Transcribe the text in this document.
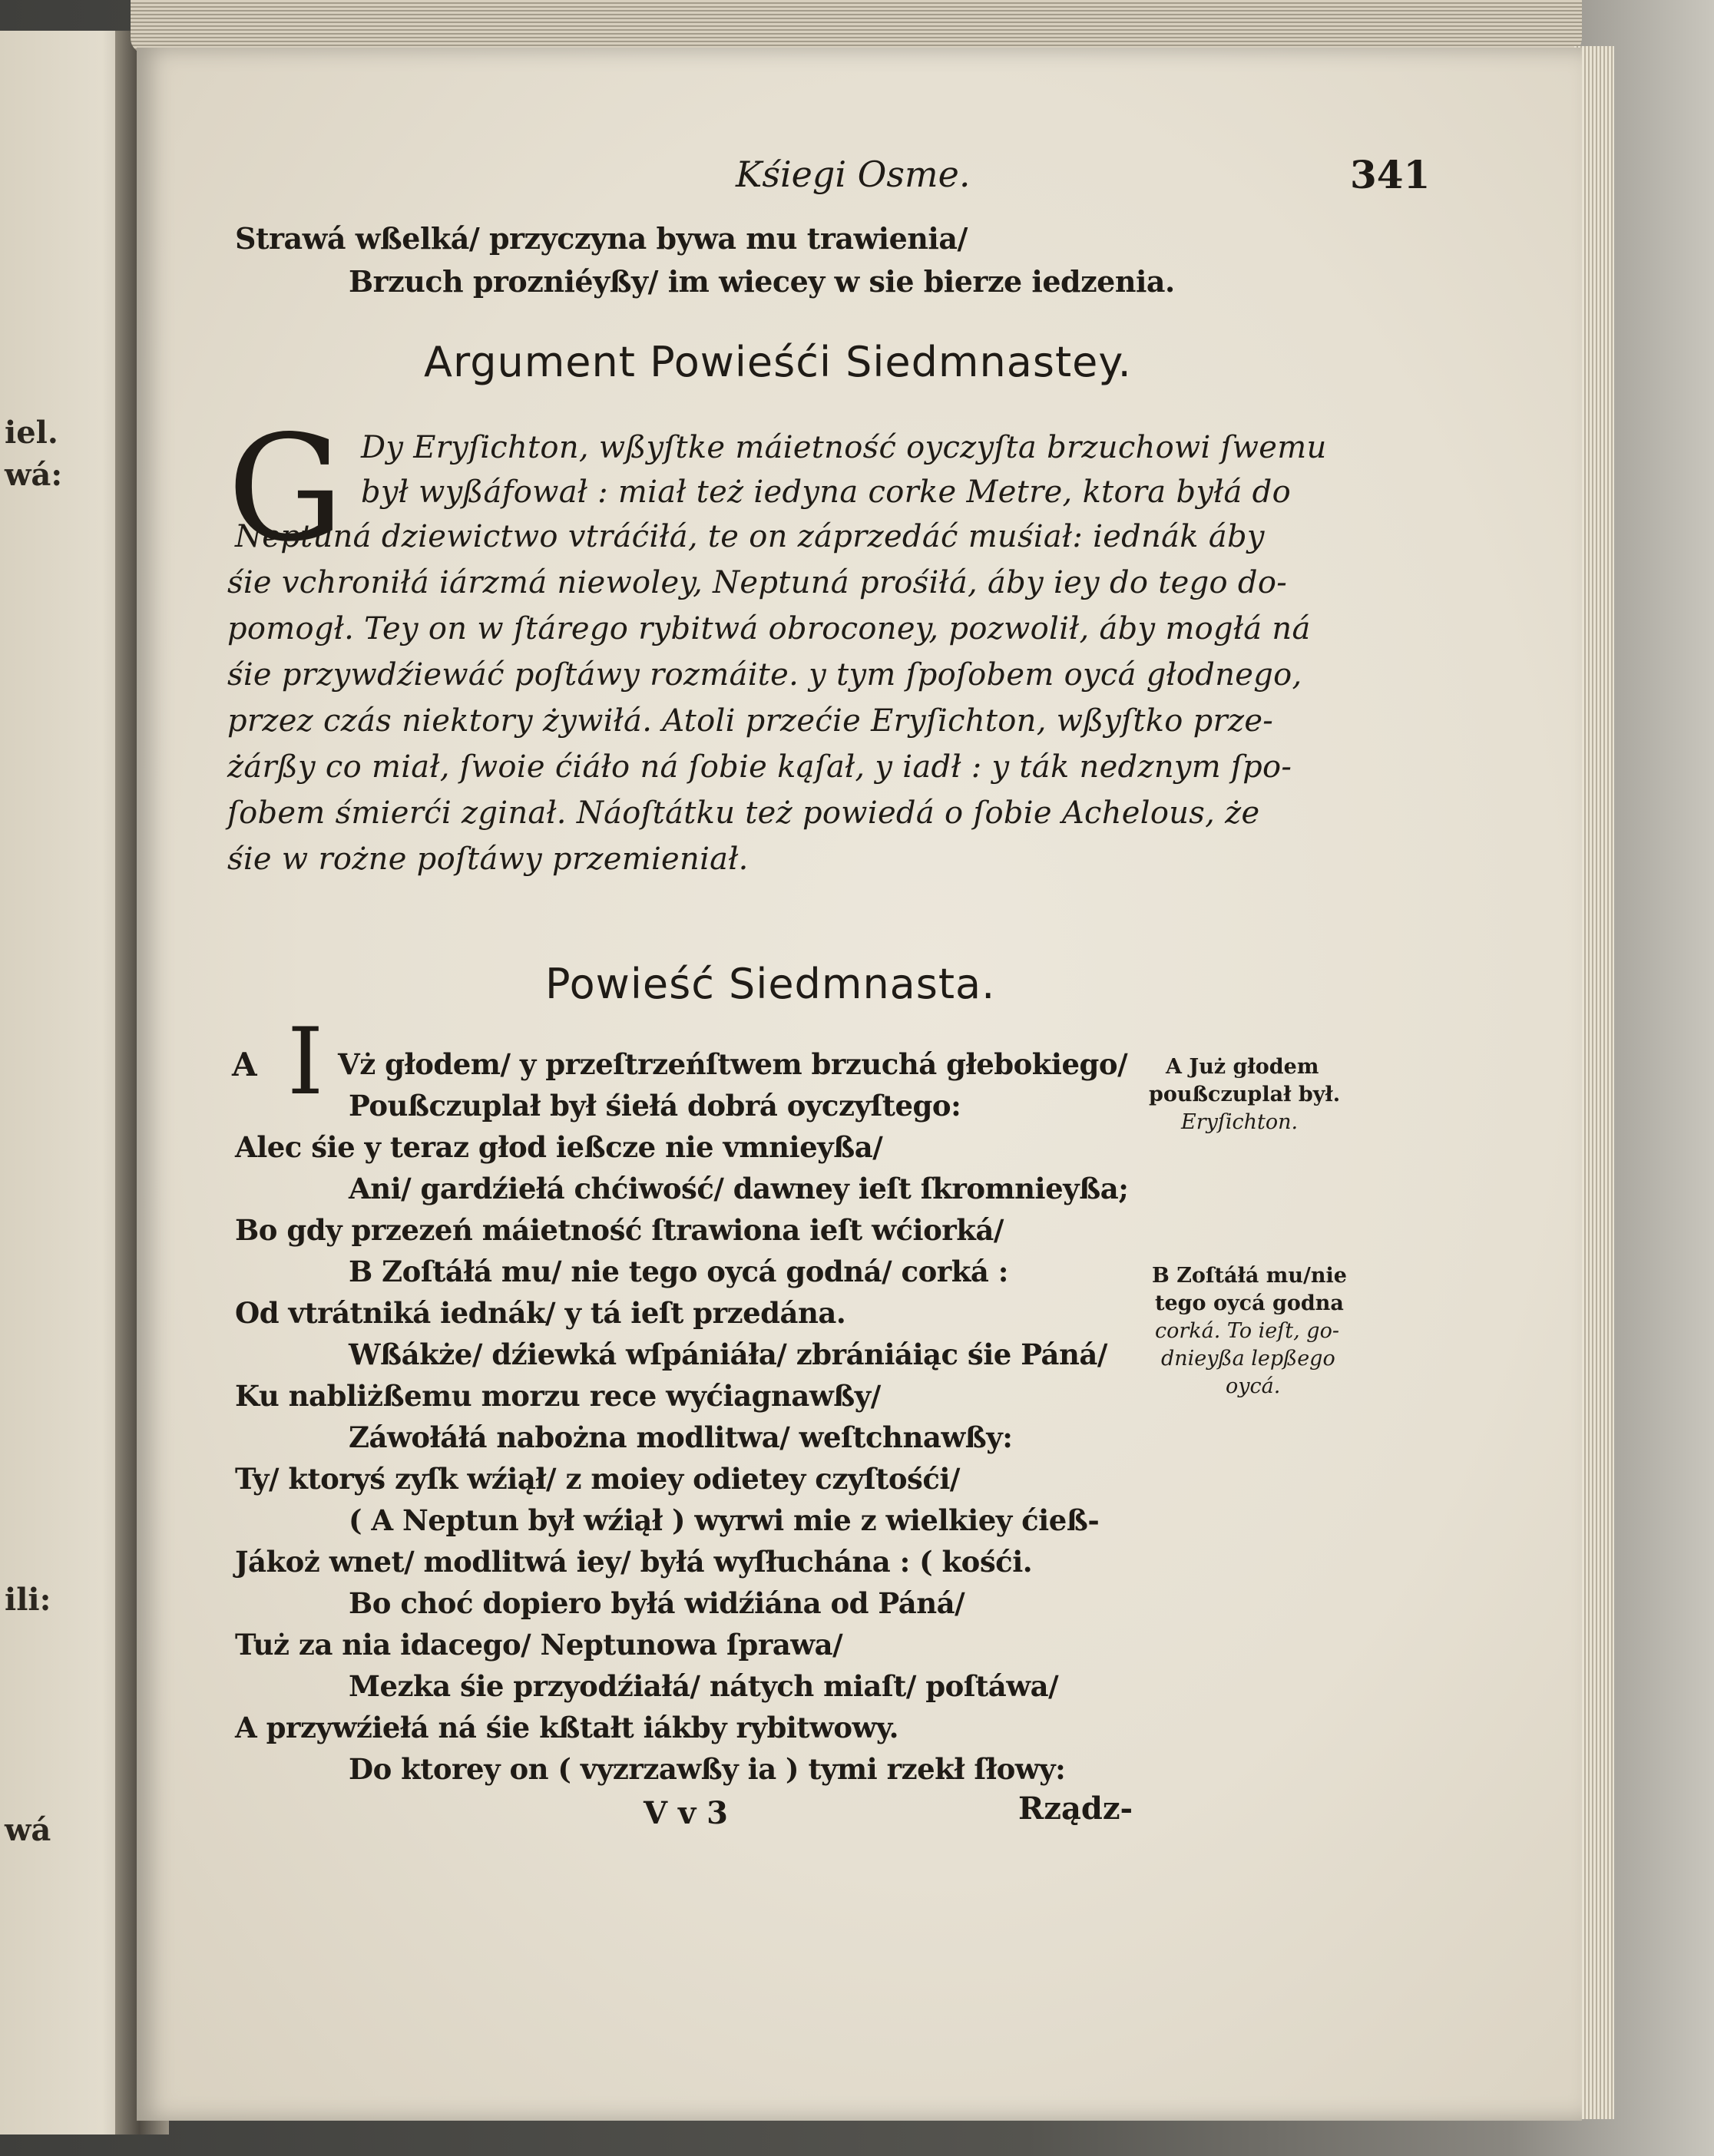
iel.
wá:
ili:
wá
Kśiegi Osme.	341
Strawá wßelká/ przyczyna bywa mu trawienia/
Brzuch prozniéyßy/ im wiecey w sie bierze iedzenia.
Argument Powieśći Siedmnastey.
G Dy Eryſichton, wßyſtke máietność oyczyſta brzuchowi ſwemu
był wyßáfował : miał też iedyna corke Metre, ktora byłá do
Neptuná dziewictwo vtráćiłá, te on záprzedáć muśiał: iednák áby
śie vchroniłá iárzmá niewoley, Neptuná prośiłá, áby iey do tego do-
pomogł. Tey on w ſtárego rybitwá obroconey, pozwolił, áby mogłá ná
śie przywdźiewáć poſtáwy rozmáite. y tym ſpoſobem oycá głodnego,
przez czás niektory żywiłá. Atoli przećie Eryſichton, wßyſtko prze-
żárßy co miał, ſwoie ćiáło ná ſobie kąſał, y iadł : y ták nedznym ſpo-
ſobem śmierći zginał. Náoſtátku też powiedá o ſobie Achelous, że
śie w rożne poſtáwy przemieniał.
Powieść Siedmnasta.
A I Vż głodem/ y przeſtrzeńſtwem brzuchá głebokiego/
Poußczuplał był śiełá dobrá oyczyſtego:
Alec śie y teraz głod ießcze nie vmnieyßa/
Ani/ gardźiełá chćiwość/ dawney ieſt ſkromnieyßa;
Bo gdy przezeń máietność ſtrawiona ieſt wćiorká/
B Zoſtáłá mu/ nie tego oycá godná/ corká :
Od vtrátniká iednák/ y tá ieſt przedána.
Wßákże/ dźiewká wſpániáła/ zbrániáiąc śie Páná/
Ku nabliżßemu morzu rece wyćiagnawßy/
Záwołáłá nabożna modlitwa/ weſtchnawßy:
Ty/ ktoryś zyſk wźiął/ z moiey odietey czyſtośći/
( A Neptun był wźiął ) wyrwi mie z wielkiey ćieß-
Jákoż wnet/ modlitwá iey/ byłá wyſłuchána : ( kośći.
Bo choć dopiero byłá widźiána od Páná/
Tuż za nia idacego/ Neptunowa ſprawa/
Mezka śie przyodźiałá/ nátych miaſt/ poſtáwa/
A przywźiełá ná śie kßtałt iákby rybitwowy.
Do ktorey on ( vyzrzawßy ia ) tymi rzekł ſłowy:
A Już głodem
poußczuplał był.
Eryſichton.
B Zoſtáłá mu/nie
tego oycá godna
corká. To ieſt, go-
dnieyßa lepßego
oycá.
V v 3	Rządz-
